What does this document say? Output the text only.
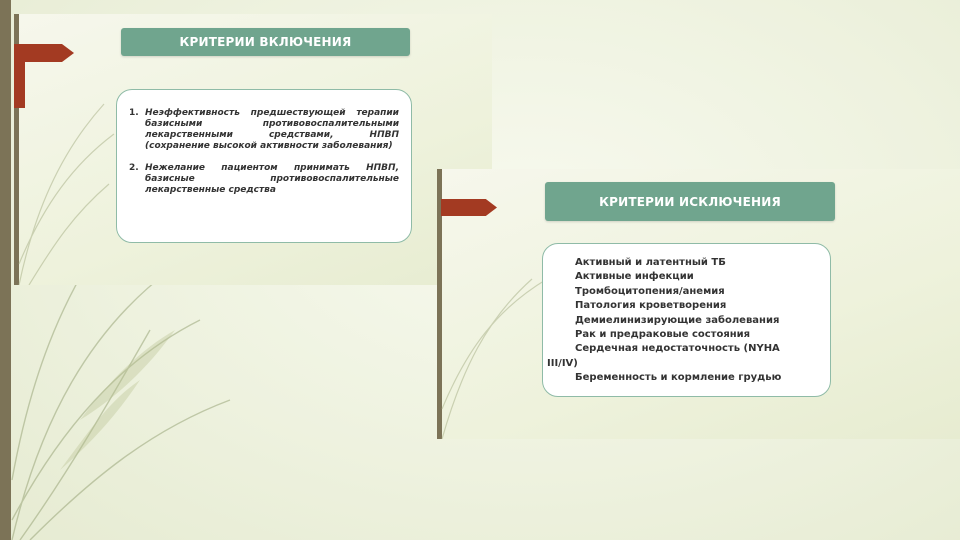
КРИТЕРИИ ВКЛЮЧЕНИЯ
1. Неэффективность предшествующей терапии базисными противовоспалительными лекарственными средствами, НПВП (сохранение высокой активности заболевания)
2. Нежелание пациентом принимать НПВП, базисные противовоспалительные лекарственные средства
КРИТЕРИИ ИСКЛЮЧЕНИЯ
Активный и латентный ТБ
Активные инфекции
Тромбоцитопения/анемия
Патология кроветворения
Демиелинизирующие заболевания
Рак и предраковые состояния
Сердечная недостаточность (NYHA
III/IV)
Беременность и кормление грудью
